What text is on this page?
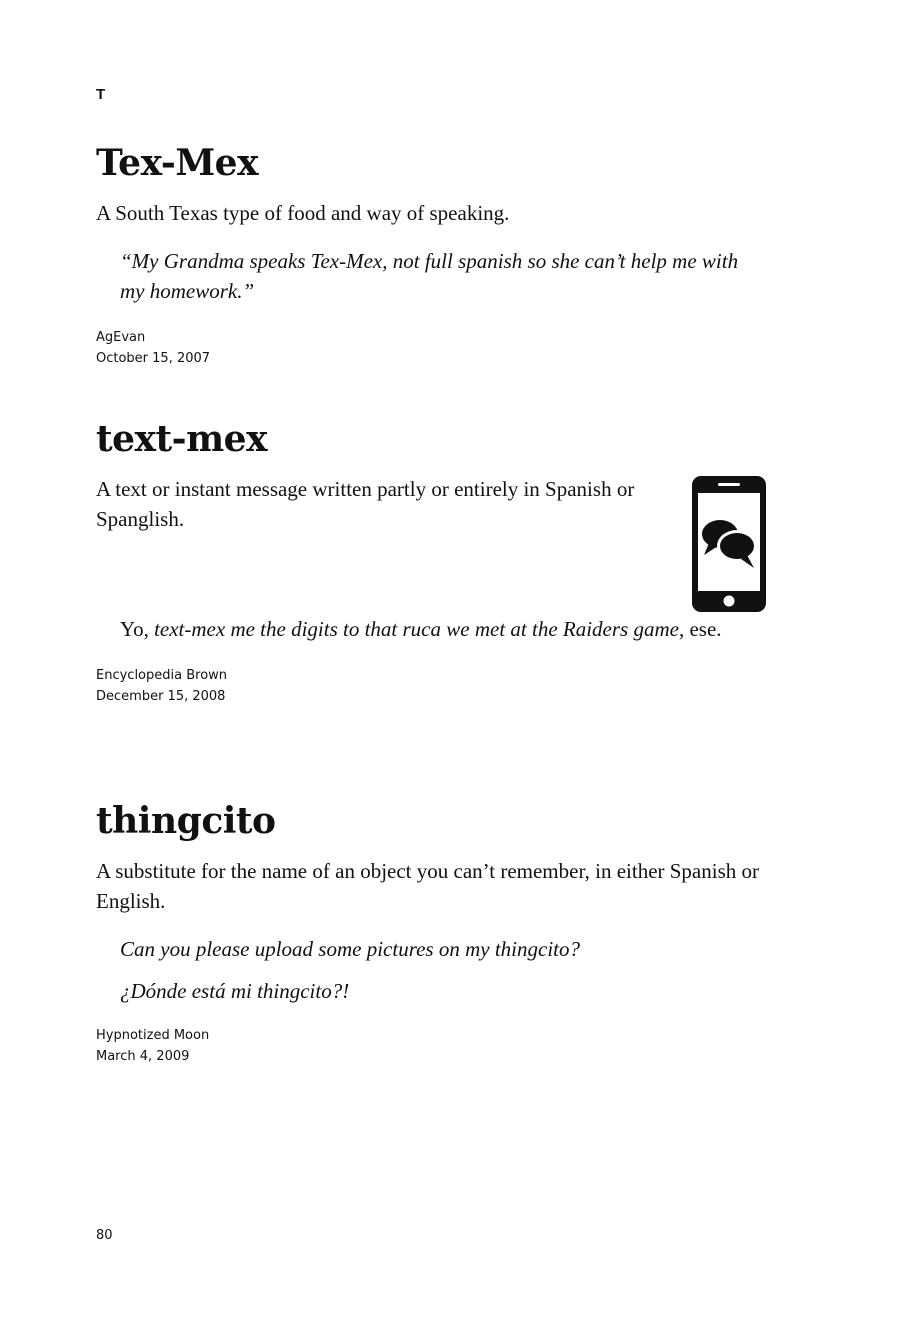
T

Tex-Mex

A South Texas type of food and way of speaking.

“My Grandma speaks Tex-Mex, not full spanish so she can’t help me with my homework.”

AgEvan

October 15, 2007

text-mex

A text or instant message written partly or entirely in Spanish or Spanglish.

Yo, text-mex me the digits to that ruca we met at the Raiders game, ese.

Encyclopedia Brown

December 15, 2008

thingcito

A substitute for the name of an object you can’t remember, in either Spanish or English.

Can you please upload some pictures on my thingcito?

¿Dónde está mi thingcito?!

Hypnotized Moon

March 4, 2009

80
